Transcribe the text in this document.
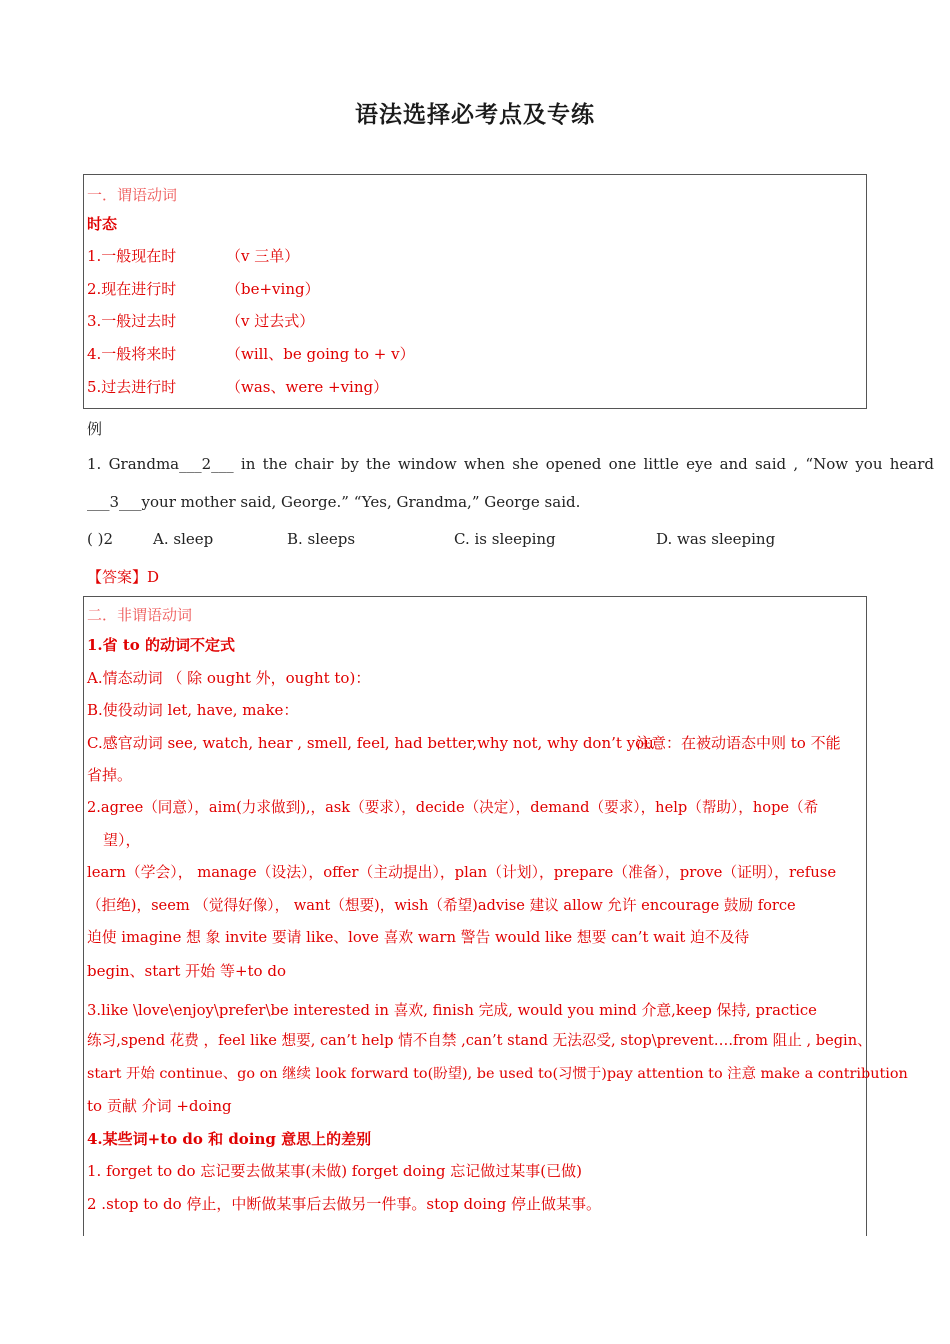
语法选择必考点及专练
一．谓语动词
时态
1.一般现在时	（v 三单）
2.现在进行时	（be+ving）
3.一般过去时	（v 过去式）
4.一般将来时	（will、be going to + v）
5.过去进行时	（was、were +ving）
例
1. Grandma___2___ in the chair by the window when she opened one little eye and said , “Now you heard
___3___your mother said, George.” “Yes, Grandma,” George said.
( )2	A. sleep	B. sleeps	C. is sleeping	D. was sleeping
【答案】D
二．非谓语动词
1.省 to 的动词不定式
A.情态动词 （ 除 ought 外，ought to)：
B.使役动词 let, have, make：
C.感官动词 see, watch, hear , smell, feel, had better,why not, why don’t you
注意：在被动语态中则 to 不能
省掉。
2.agree（同意），aim(力求做到),，ask（要求），decide（决定），demand（要求），help（帮助），hope（希
望），
learn（学会）， manage（设法），offer（主动提出），plan（计划），prepare（准备），prove（证明），refuse
（拒绝)，seem （觉得好像）， want（想要)，wish（希望)advise 建议 allow 允许 encourage 鼓励 force
迫使 imagine 想 象 invite 要请 like、love 喜欢 warn 警告 would like 想要 can’t wait 迫不及待
begin、start 开始 等+to do
3.like \love\enjoy\prefer\be interested in 喜欢, finish 完成, would you mind 介意,keep 保持, practice
练习,spend 花费 ，feel like 想要, can’t help 情不自禁 ,can’t stand 无法忍受, stop\prevent….from 阻止 , begin、
start 开始 continue、go on 继续 look forward to(盼望), be used to(习惯于)pay attention to 注意 make a contribution
to 贡献 介词 +doing
4.某些词+to do 和 doing 意思上的差别
1. forget to do 忘记要去做某事(未做) forget doing 忘记做过某事(已做)
2 .stop to do 停止，中断做某事后去做另一件事。stop doing 停止做某事。
